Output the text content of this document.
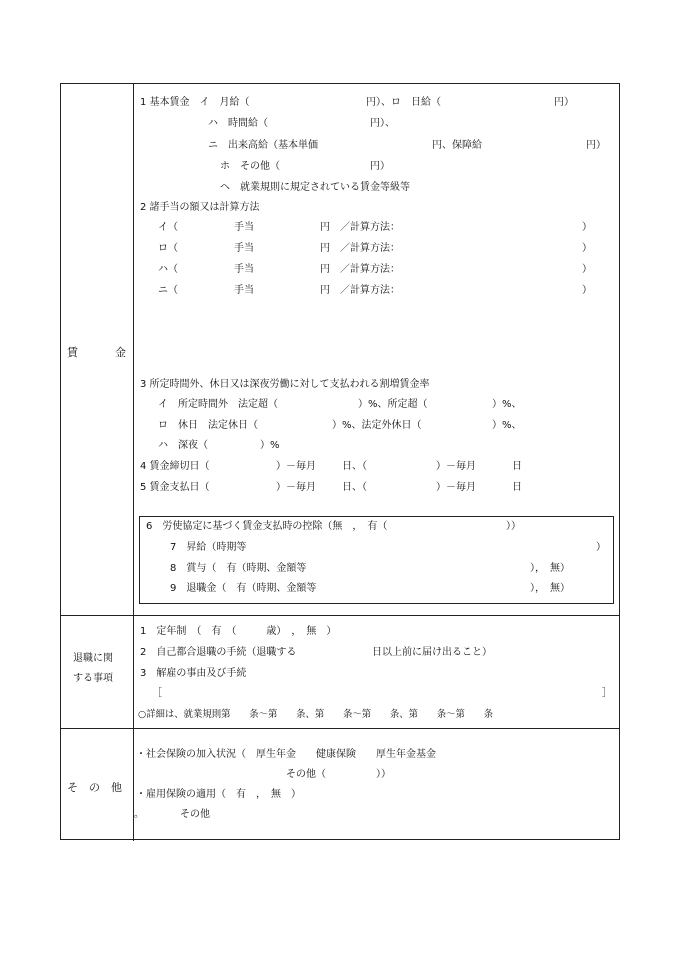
賃	金
1 基本賃金　イ　月給（	円）、ロ　日給（	円）
ハ　時間給（	円）、
ニ　出来高給（基本単価	円、保障給	円）
ホ　その他（	円）
ヘ　就業規則に規定されている賃金等級等
2 諸手当の額又は計算方法
イ（	手当	円 ／計算方法：	）
ロ（	手当	円 ／計算方法：	）
ハ（	手当	円 ／計算方法：	）
ニ（	手当	円 ／計算方法：	）
3 所定時間外、休日又は深夜労働に対して支払われる割増賃金率
イ　所定時間外　法定超（	）%、所定超（	）%、
ロ　休日　法定休日（	）%、法定外休日（	）%、
ハ　深夜（	）%
4 賃金締切日（	）－毎月	日、（	）－毎月	日
5 賃金支払日（	）－毎月	日、（	）－毎月	日
6　労使協定に基づく賃金支払時の控除（無　，　有（	））
7　昇給（時期等	）
8　賞与（　有（時期、金額等	），　無）
9　退職金（　有（時期、金額等	），　無）
退職に関
する事項
1　定年制　（　有　（　　　歳）　，　無　）
2　自己都合退職の手続（退職する	日以上前に届け出ること）
3　解雇の事由及び手続
［	］
○詳細は、就業規則第　　条～第　　条、第　　条～第　　条、第　　条～第　　条
そ　の　他
・社会保険の加入状況（　厚生年金　　健康保険　　厚生年金基金
その他（　　　　　））
・雇用保険の適用（　有　，　無　）
。	その他
